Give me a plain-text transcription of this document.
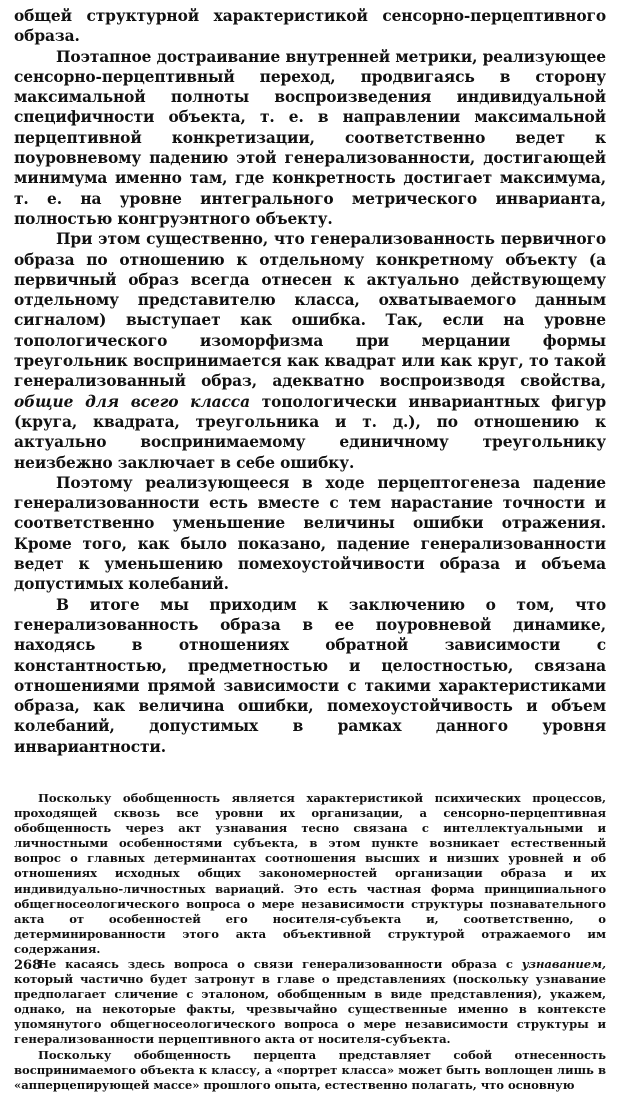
общей структурной характеристикой сенсорно-перцептивного образа.

Поэтапное достраивание внутренней метрики, реализующее сенсорно-перцептивный переход, продвигаясь в сторону максимальной полноты воспроизведения индивидуальной специфичности объекта, т. е. в направлении максимальной перцептивной конкретизации, соответственно ведет к поуровневому падению этой генерализованности, достигающей минимума именно там, где конкретность достигает максимума, т. е. на уровне интегрального метрического инварианта, полностью конгруэнтного объекту.

При этом существенно, что генерализованность первичного образа по отношению к отдельному конкретному объекту (а первичный образ всегда отнесен к актуально действующему отдельному представителю класса, охватываемого данным сигналом) выступает как ошибка. Так, если на уровне топологического изоморфизма при мерцании формы треугольник воспринимается как квадрат или как круг, то такой генерализованный образ, адекватно воспроизводя свойства, общие для всего класса топологически инвариантных фигур (круга, квадрата, треугольника и т. д.), по отношению к актуально воспринимаемому единичному треугольнику неизбежно заключает в себе ошибку.

Поэтому реализующееся в ходе перцептогенеза падение генерализованности есть вместе с тем нарастание точности и соответственно уменьшение величины ошибки отражения. Кроме того, как было показано, падение генерализованности ведет к уменьшению помехоустойчивости образа и объема допустимых колебаний.

В итоге мы приходим к заключению о том, что генерализованность образа в ее поуровневой динамике, находясь в отношениях обратной зависимости с константностью, предметностью и целостностью, связана отношениями прямой зависимости с такими характеристиками образа, как величина ошибки, помехоустойчивость и объем колебаний, допустимых в рамках данного уровня инвариантности.

Поскольку обобщенность является характеристикой психических процессов, проходящей сквозь все уровни их организации, а сенсорно-перцептивная обобщенность через акт узнавания тесно связана с интеллектуальными и личностными особенностями субъекта, в этом пункте возникает естественный вопрос о главных детерминантах соотношения высших и низших уровней и об отношениях исходных общих закономерностей организации образа и их индивидуально-личностных вариаций. Это есть частная форма принципиального общегносеологического вопроса о мере независимости структуры познавательного акта от особенностей его носителя-субъекта и, соответственно, о детерминированности этого акта объективной структурой отражаемого им содержания.

Не касаясь здесь вопроса о связи генерализованности образа с узнаванием, который частично будет затронут в главе о представлениях (поскольку узнавание предполагает сличение с эталоном, обобщенным в виде представления), укажем, однако, на некоторые факты, чрезвычайно существенные именно в контексте упомянутого общегносеологического вопроса о мере независимости структуры и генерализованности перцептивного акта от носителя-субъекта.

Поскольку обобщенность перцепта представляет собой отнесенность воспринимаемого объекта к классу, а «портрет класса» может быть воплощен лишь в «апперцепирующей массе» прошлого опыта, естественно полагать, что основную

268
